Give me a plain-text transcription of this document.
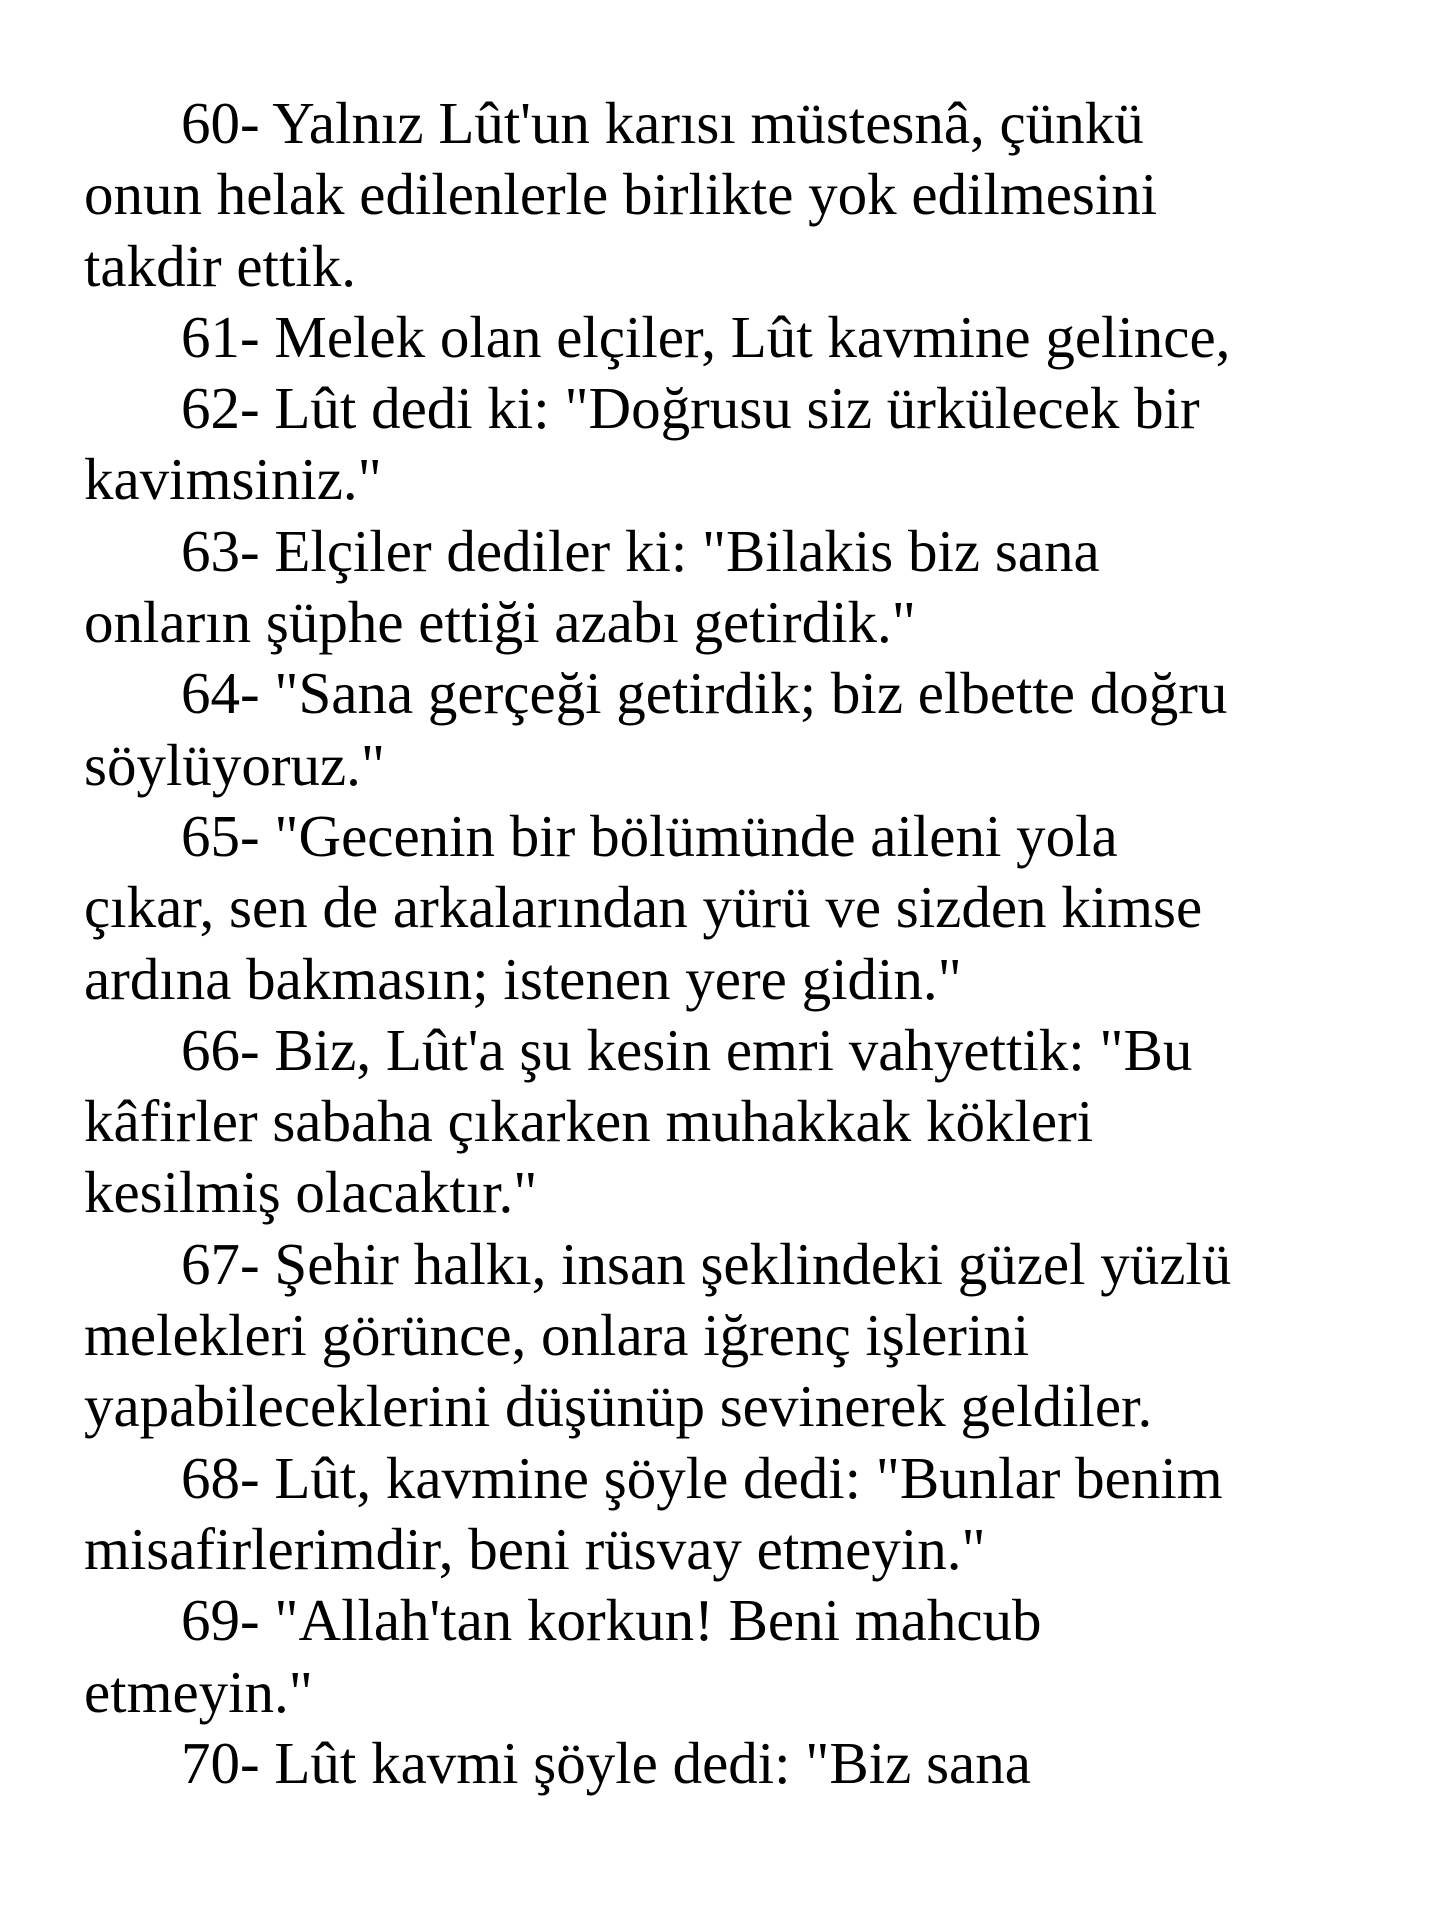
60- Yalnız Lût'un karısı müstesnâ, çünkü
onun helak edilenlerle birlikte yok edilmesini
takdir ettik.
61- Melek olan elçiler, Lût kavmine gelince,
62- Lût dedi ki: "Doğrusu siz ürkülecek bir
kavimsiniz."
63- Elçiler dediler ki: "Bilakis biz sana
onların şüphe ettiği azabı getirdik."
64- "Sana gerçeği getirdik; biz elbette doğru
söylüyoruz."
65- "Gecenin bir bölümünde aileni yola
çıkar, sen de arkalarından yürü ve sizden kimse
ardına bakmasın; istenen yere gidin."
66- Biz, Lût'a şu kesin emri vahyettik: "Bu
kâfirler sabaha çıkarken muhakkak kökleri
kesilmiş olacaktır."
67- Şehir halkı, insan şeklindeki güzel yüzlü
melekleri görünce, onlara iğrenç işlerini
yapabileceklerini düşünüp sevinerek geldiler.
68- Lût, kavmine şöyle dedi: "Bunlar benim
misafirlerimdir, beni rüsvay etmeyin."
69- "Allah'tan korkun! Beni mahcub
etmeyin."
70- Lût kavmi şöyle dedi: "Biz sana
